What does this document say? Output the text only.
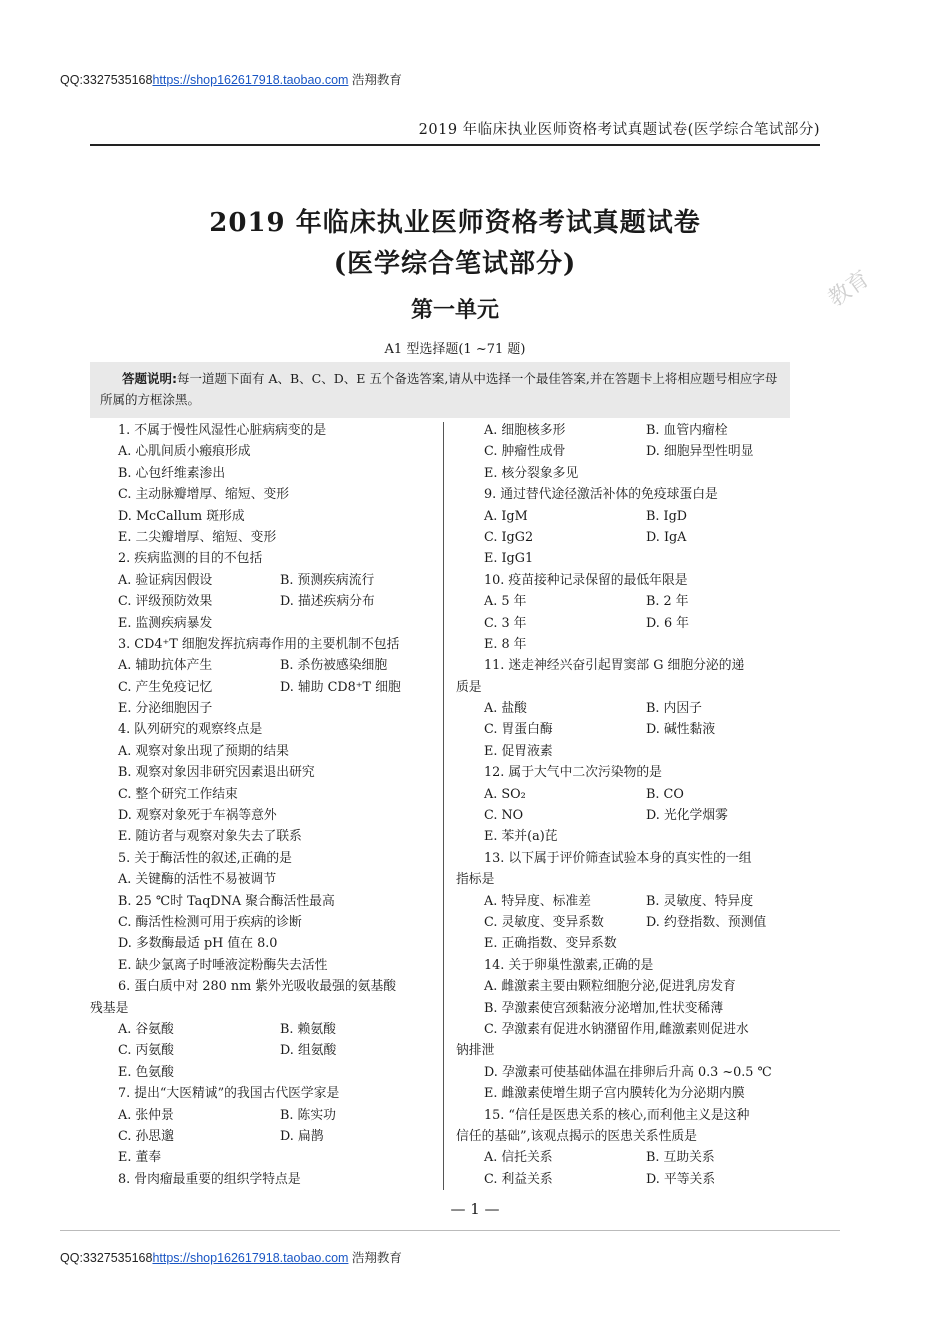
QQ:3327535168https://shop162617918.taobao.com 浩翔教育
2019 年临床执业医师资格考试真题试卷(医学综合笔试部分)
2019 年临床执业医师资格考试真题试卷
(医学综合笔试部分)
教育
第一单元
A1 型选择题(1 ~71 题)
答题说明:每一道题下面有 A、B、C、D、E 五个备选答案,请从中选择一个最佳答案,并在答题卡上将相应题号相应字母所属的方框涂黑。
1. 不属于慢性风湿性心脏病病变的是
A. 心肌间质小瘢痕形成
B. 心包纤维素渗出
C. 主动脉瓣增厚、缩短、变形
D. McCallum 斑形成
E. 二尖瓣增厚、缩短、变形
2. 疾病监测的目的不包括
A. 验证病因假设	B. 预测疾病流行
C. 评级预防效果	D. 描述疾病分布
E. 监测疾病暴发
3. CD4⁺T 细胞发挥抗病毒作用的主要机制不包括
A. 辅助抗体产生	B. 杀伤被感染细胞
C. 产生免疫记忆	D. 辅助 CD8⁺T 细胞
E. 分泌细胞因子
4. 队列研究的观察终点是
A. 观察对象出现了预期的结果
B. 观察对象因非研究因素退出研究
C. 整个研究工作结束
D. 观察对象死于车祸等意外
E. 随访者与观察对象失去了联系
5. 关于酶活性的叙述,正确的是
A. 关键酶的活性不易被调节
B. 25 ℃时 TaqDNA 聚合酶活性最高
C. 酶活性检测可用于疾病的诊断
D. 多数酶最适 pH 值在 8.0
E. 缺少氯离子时唾液淀粉酶失去活性
6. 蛋白质中对 280 nm 紫外光吸收最强的氨基酸
残基是
A. 谷氨酸	B. 赖氨酸
C. 丙氨酸	D. 组氨酸
E. 色氨酸
7. 提出“大医精诚”的我国古代医学家是
A. 张仲景	B. 陈实功
C. 孙思邈	D. 扁鹊
E. 董奉
8. 骨肉瘤最重要的组织学特点是
A. 细胞核多形	B. 血管内瘤栓
C. 肿瘤性成骨	D. 细胞异型性明显
E. 核分裂象多见
9. 通过替代途径激活补体的免疫球蛋白是
A. IgM	B. IgD
C. IgG2	D. IgA
E. IgG1
10. 疫苗接种记录保留的最低年限是
A. 5 年	B. 2 年
C. 3 年	D. 6 年
E. 8 年
11. 迷走神经兴奋引起胃窦部 G 细胞分泌的递
质是
A. 盐酸	B. 内因子
C. 胃蛋白酶	D. 碱性黏液
E. 促胃液素
12. 属于大气中二次污染物的是
A. SO₂	B. CO
C. NO	D. 光化学烟雾
E. 苯并(a)芘
13. 以下属于评价筛查试验本身的真实性的一组
指标是
A. 特异度、标准差	B. 灵敏度、特异度
C. 灵敏度、变异系数	D. 约登指数、预测值
E. 正确指数、变异系数
14. 关于卵巢性激素,正确的是
A. 雌激素主要由颗粒细胞分泌,促进乳房发育
B. 孕激素使宫颈黏液分泌增加,性状变稀薄
C. 孕激素有促进水钠潴留作用,雌激素则促进水
钠排泄
D. 孕激素可使基础体温在排卵后升高 0.3 ~0.5 ℃
E. 雌激素使增生期子宫内膜转化为分泌期内膜
15. “信任是医患关系的核心,而利他主义是这种
信任的基础”,该观点揭示的医患关系性质是
A. 信托关系	B. 互助关系
C. 利益关系	D. 平等关系
— 1 —
QQ:3327535168https://shop162617918.taobao.com 浩翔教育
